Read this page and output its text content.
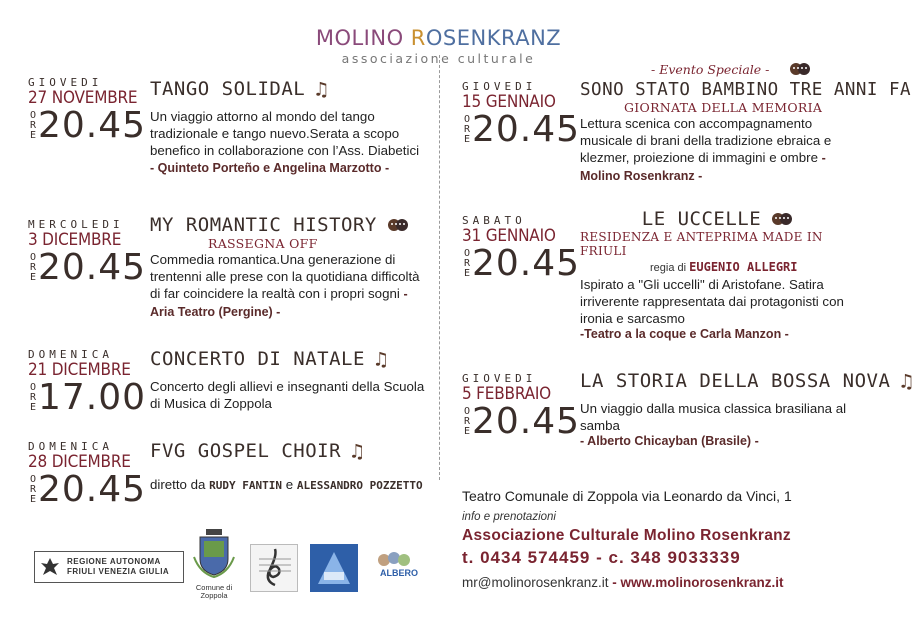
MOLINO ROSENKRANZ
associazione culturale
GIOVEDI
27 NOVEMBRE
O
R
E 20.45
TANGO SOLIDAL ♫
Un viaggio attorno al mondo del tango tradizionale e tango nuevo.Serata a scopo benefico in collaborazione con l’Ass. Diabetici
- Quinteto Porteño e Angelina Marzotto -
MERCOLEDI
3 DICEMBRE
O
R
E 20.45
MY ROMANTIC HISTORY
RASSEGNA OFF
Commedia romantica.Una generazione di trentenni alle prese con la quotidiana difficoltà di far coincidere la realtà con i propri sogni - Aria Teatro (Pergine) -
DOMENICA
21 DICEMBRE
O
R
E 17.00
CONCERTO DI NATALE ♫
Concerto degli allievi e insegnanti della Scuola di Musica di Zoppola
DOMENICA
28 DICEMBRE
O
R
E 20.45
FVG GOSPEL CHOIR ♫
diretto da RUDY FANTIN e ALESSANDRO POZZETTO
- Evento Speciale -
GIOVEDI
15 GENNAIO
O
R
E 20.45
SONO STATO BAMBINO TRE ANNI FA
GIORNATA DELLA MEMORIA
Lettura scenica con accompagnamento musicale di brani della tradizione ebraica e klezmer, proiezione di immagini e ombre - Molino Rosenkranz -
SABATO
31 GENNAIO
O
R
E 20.45
LE UCCELLE
RESIDENZA E ANTEPRIMA MADE IN FRIULI
regia di EUGENIO ALLEGRI
Ispirato a "Gli uccelli" di Aristofane. Satira irriverente rappresentata dai protagonisti con ironia e sarcasmo
-Teatro a la coque e Carla Manzon -
GIOVEDI
5 FEBBRAIO
O
R
E 20.45
LA STORIA DELLA BOSSA NOVA ♫
Un viaggio dalla musica classica brasiliana al samba
- Alberto Chicayban (Brasile) -
Teatro Comunale di Zoppola via Leonardo da Vinci, 1
info e prenotazioni
Associazione Culturale Molino Rosenkranz
t. 0434 574459 - c. 348 9033339
mr@molinorosenkranz.it - www.molinorosenkranz.it
REGIONE AUTONOMA
FRIULI VENEZIA GIULIA
Comune di
Zoppola
ALBERO
